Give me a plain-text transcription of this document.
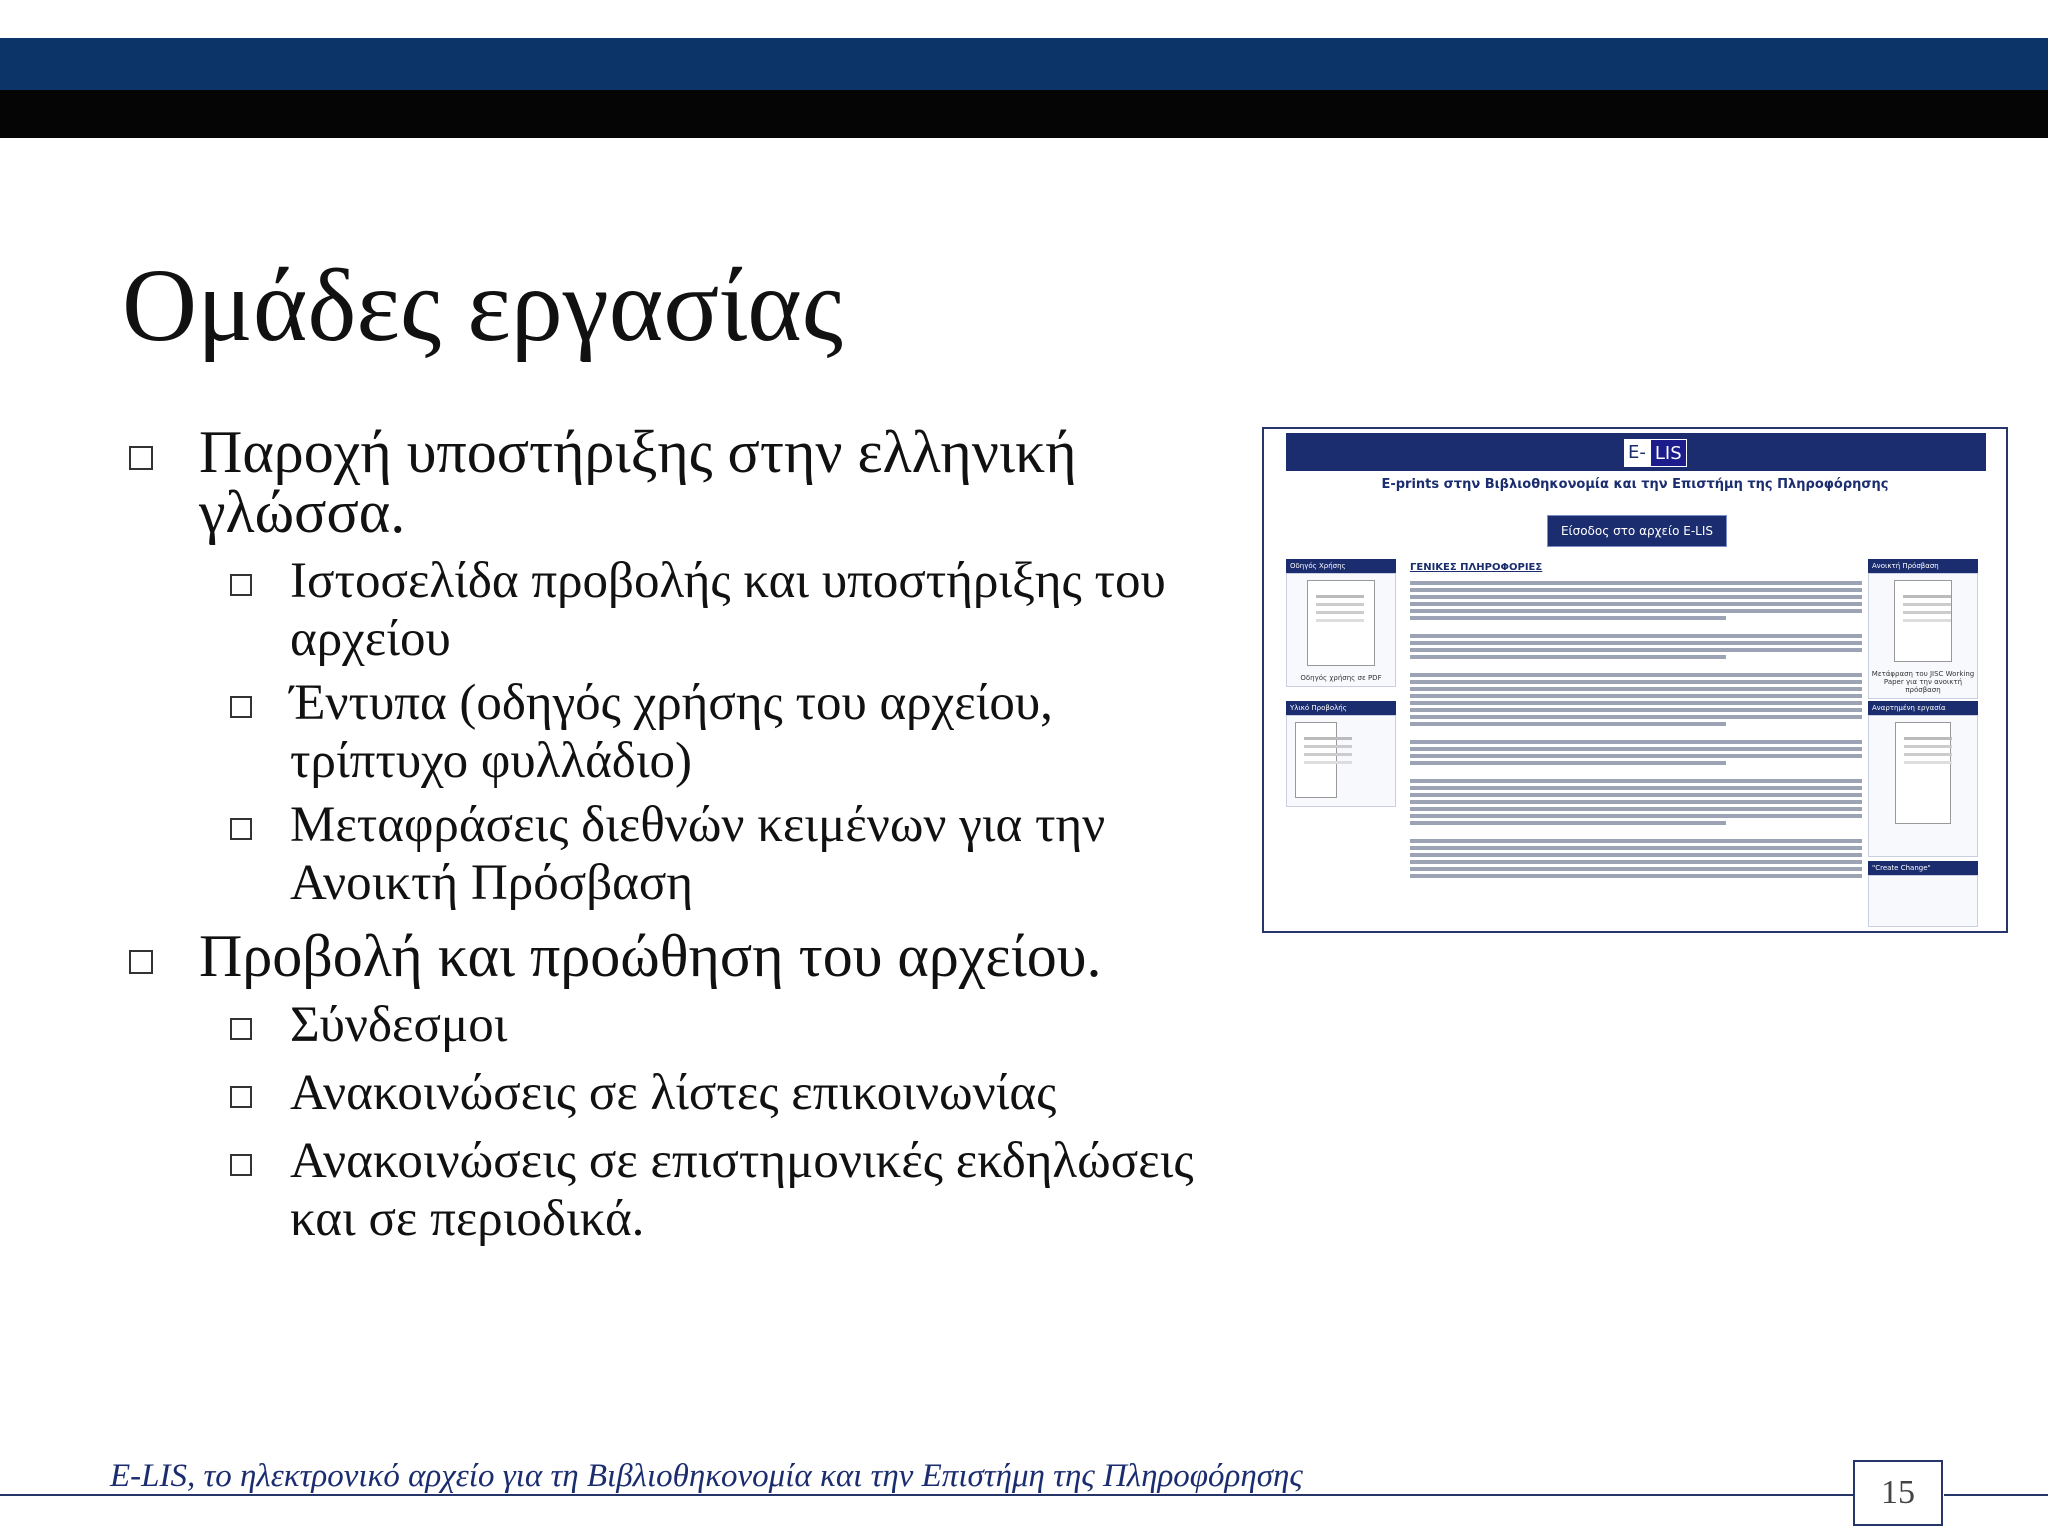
Ομάδες εργασίας
Παροχή υποστήριξης στην ελληνική γλώσσα.
Ιστοσελίδα προβολής και υποστήριξης του αρχείου
Έντυπα (οδηγός χρήσης του αρχείου, τρίπτυχο φυλλάδιο)
Μεταφράσεις διεθνών κειμένων για την Ανοικτή Πρόσβαση
Προβολή και προώθηση του αρχείου.
Σύνδεσμοι
Ανακοινώσεις σε λίστες επικοινωνίας
Ανακοινώσεις σε επιστημονικές εκδηλώσεις και σε περιοδικά.
E- LIS
E-prints στην Βιβλιοθηκονομία και την Επιστήμη της Πληροφόρησης
Είσοδος στο αρχείο E-LIS >>>
Οδηγός Χρήσης
Οδηγός χρήσης σε PDF
Υλικό Προβολής
ΓΕΝΙΚΕΣ ΠΛΗΡΟΦΟΡΙΕΣ	Ανοικτή Πρόσβαση
Μετάφραση του JISC Working Paper για την ανοικτή πρόσβαση
Αναρτημένη εργασία
"Create Change"
E-LIS, το ηλεκτρονικό αρχείο για τη Βιβλιοθηκονομία και την Επιστήμη της Πληροφόρησης	15
